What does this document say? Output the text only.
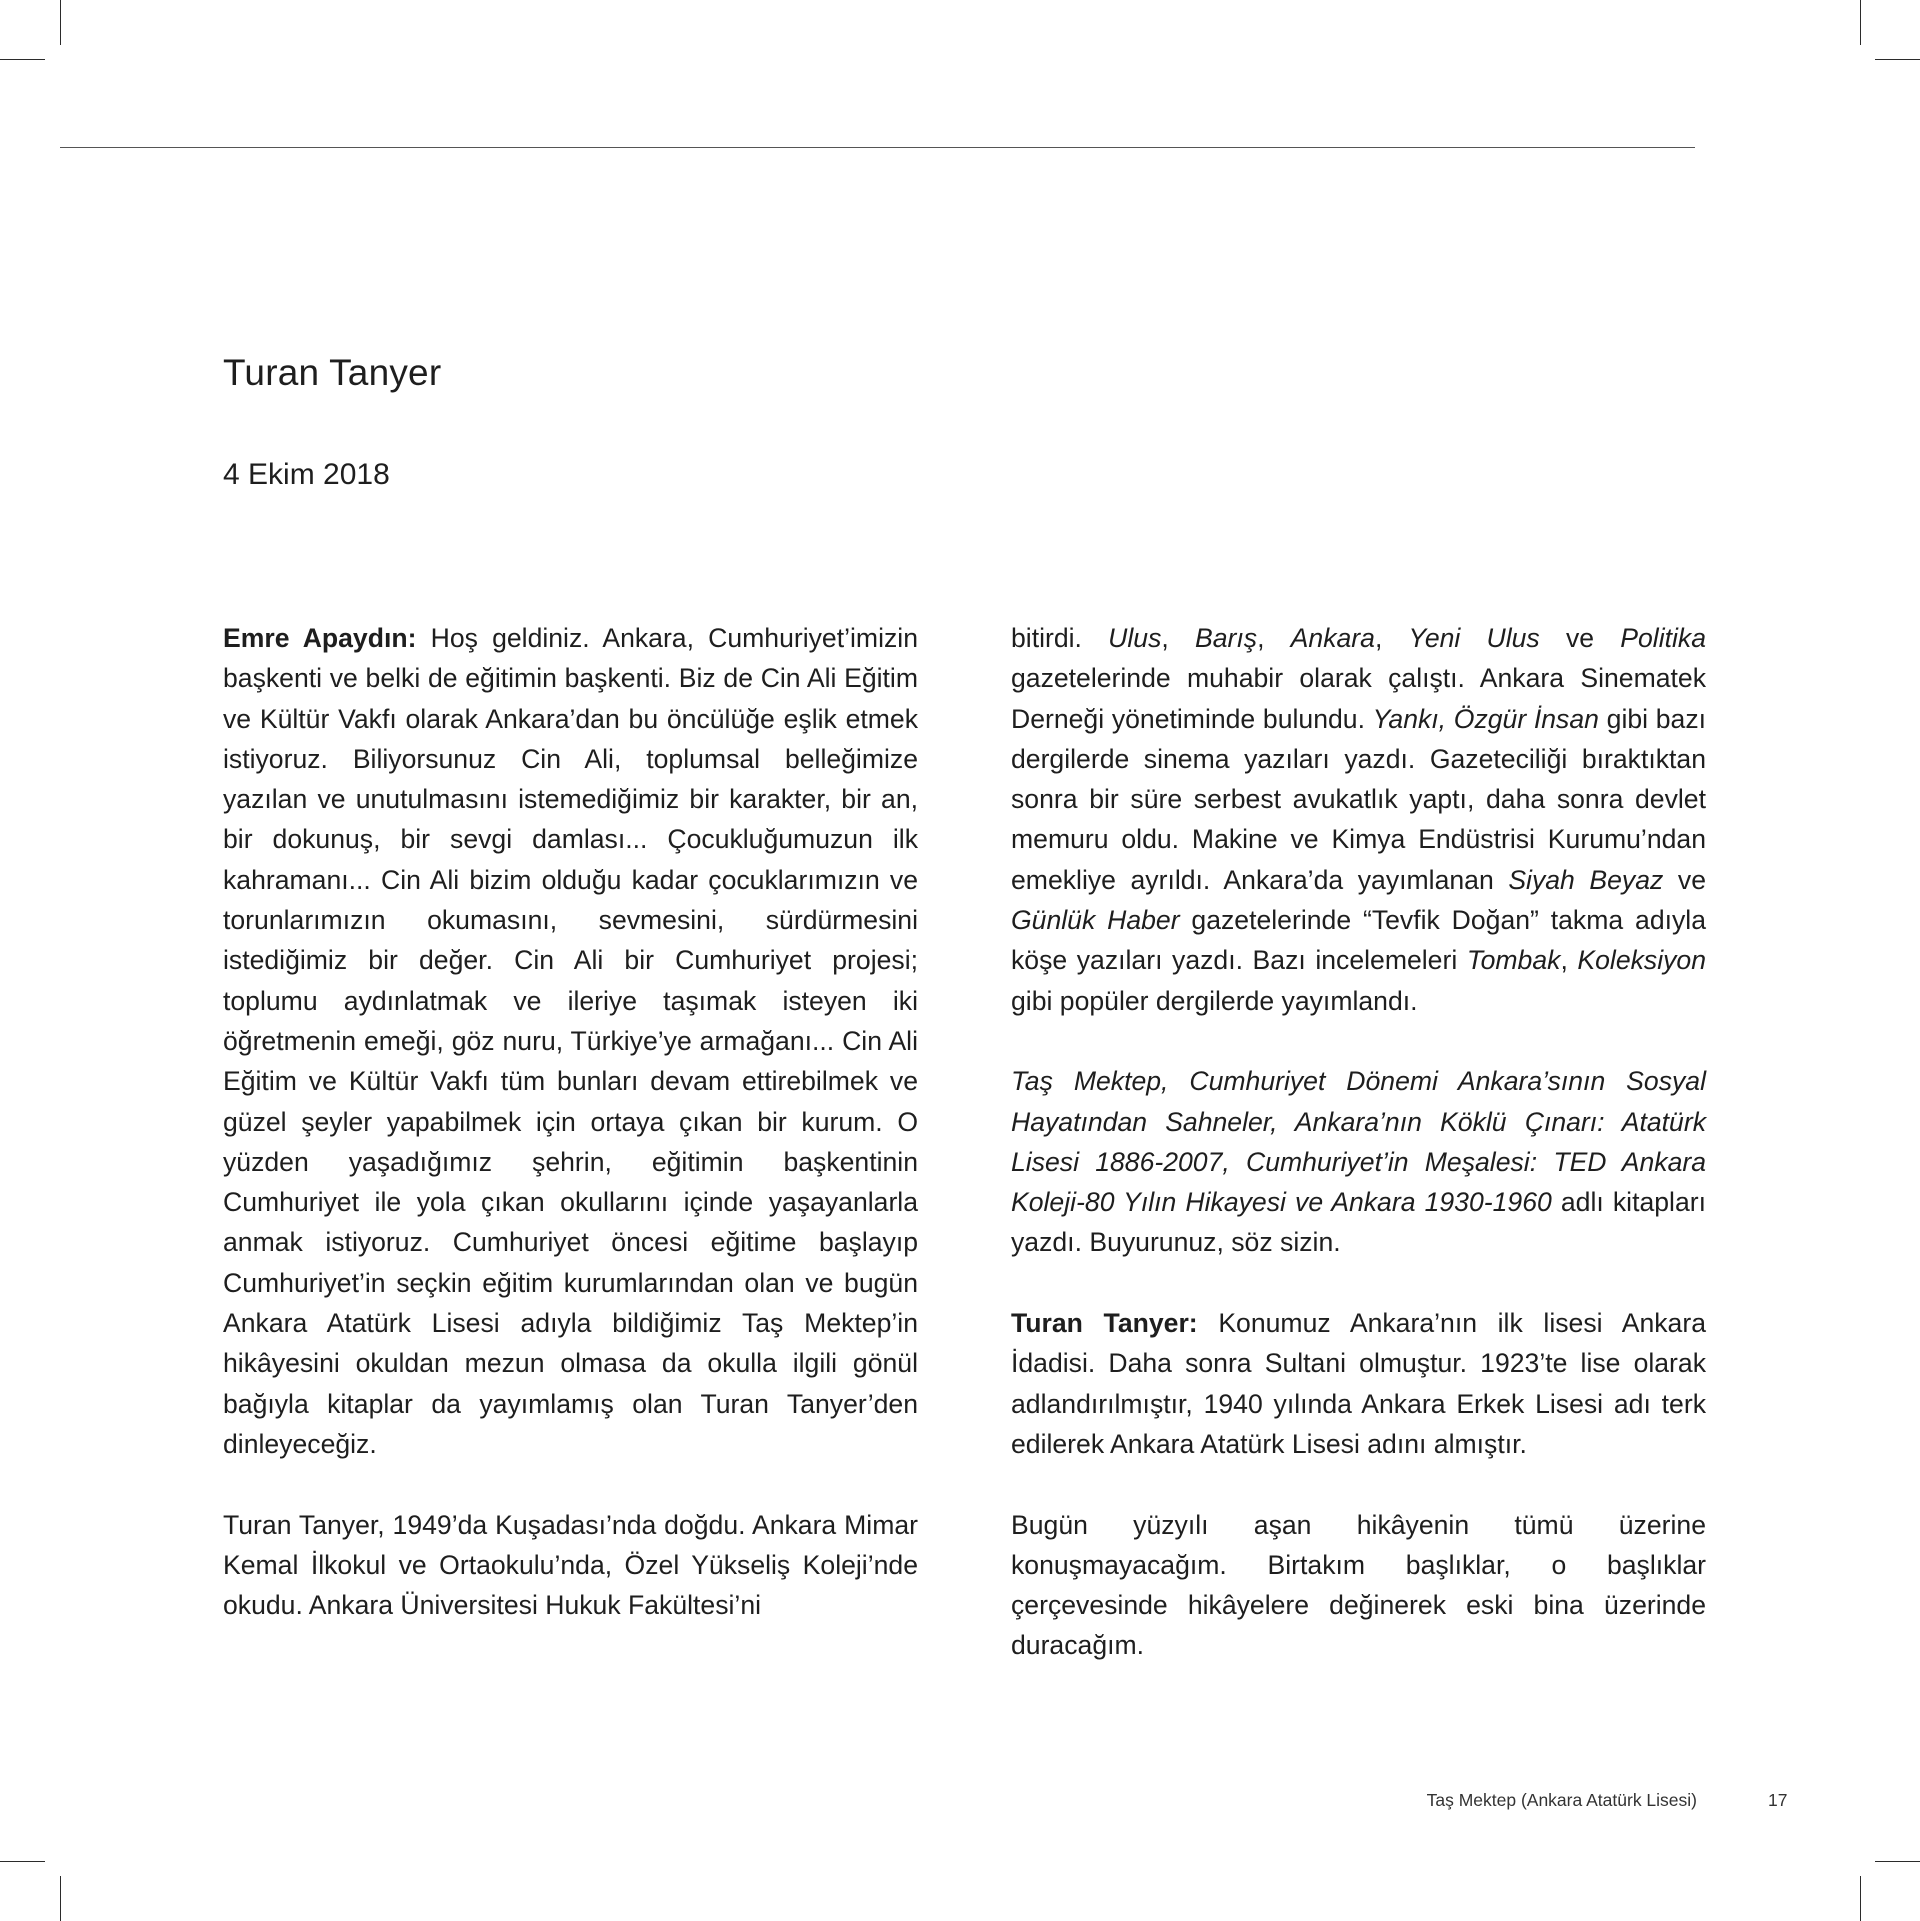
Turan Tanyer
4 Ekim 2018

Emre Apaydın: Hoş geldiniz. Ankara, Cumhuriyet’imizin başkenti ve belki de eğitimin başkenti. Biz de Cin Ali Eğitim ve Kültür Vakfı olarak Ankara’dan bu öncülüğe eşlik etmek istiyoruz. Biliyorsunuz Cin Ali, toplumsal belleğimize yazılan ve unutulmasını istemediğimiz bir karakter, bir an, bir dokunuş, bir sevgi damlası... Çocukluğumuzun ilk kahramanı... Cin Ali bizim olduğu kadar çocuklarımızın ve torunlarımızın okumasını, sevmesini, sürdürmesini istediğimiz bir değer. Cin Ali bir Cumhuriyet projesi; toplumu aydınlatmak ve ileriye taşımak isteyen iki öğretmenin emeği, göz nuru, Türkiye’ye armağanı... Cin Ali Eğitim ve Kültür Vakfı tüm bunları devam ettirebilmek ve güzel şeyler yapabilmek için ortaya çıkan bir kurum. O yüzden yaşadığımız şehrin, eğitimin başkentinin Cumhuriyet ile yola çıkan okullarını içinde yaşayanlarla anmak istiyoruz. Cumhuriyet öncesi eğitime başlayıp Cumhuriyet’in seçkin eğitim kurumlarından olan ve bugün Ankara Atatürk Lisesi adıyla bildiğimiz Taş Mektep’in hikâyesini okuldan mezun olmasa da okulla ilgili gönül bağıyla kitaplar da yayımlamış olan Turan Tanyer’den dinleyeceğiz.

Turan Tanyer, 1949’da Kuşadası’nda doğdu. Ankara Mimar Kemal İlkokul ve Ortaokulu’nda, Özel Yükseliş Koleji’nde okudu. Ankara Üniversitesi Hukuk Fakültesi’ni

bitirdi. Ulus, Barış, Ankara, Yeni Ulus ve Politika gazetelerinde muhabir olarak çalıştı. Ankara Sinematek Derneği yönetiminde bulundu. Yankı, Özgür İnsan gibi bazı dergilerde sinema yazıları yazdı. Gazeteciliği bıraktıktan sonra bir süre serbest avukatlık yaptı, daha sonra devlet memuru oldu. Makine ve Kimya Endüstrisi Kurumu’ndan emekliye ayrıldı. Ankara’da yayımlanan Siyah Beyaz ve Günlük Haber gazetelerinde “Tevfik Doğan” takma adıyla köşe yazıları yazdı. Bazı incelemeleri Tombak, Koleksiyon gibi popüler dergilerde yayımlandı.

Taş Mektep, Cumhuriyet Dönemi Ankara’sının Sosyal Hayatından Sahneler, Ankara’nın Köklü Çınarı: Atatürk Lisesi 1886-2007, Cumhuriyet’in Meşalesi: TED Ankara Koleji-80 Yılın Hikayesi ve Ankara 1930-1960 adlı kitapları yazdı. Buyurunuz, söz sizin.

Turan Tanyer: Konumuz Ankara’nın ilk lisesi Ankara İdadisi. Daha sonra Sultani olmuştur. 1923’te lise olarak adlandırılmıştır, 1940 yılında Ankara Erkek Lisesi adı terk edilerek Ankara Atatürk Lisesi adını almıştır.

Bugün yüzyılı aşan hikâyenin tümü üzerine konuşmayacağım. Birtakım başlıklar, o başlıklar çerçevesinde hikâyelere değinerek eski bina üzerinde duracağım.

Taş Mektep (Ankara Atatürk Lisesi)	17
